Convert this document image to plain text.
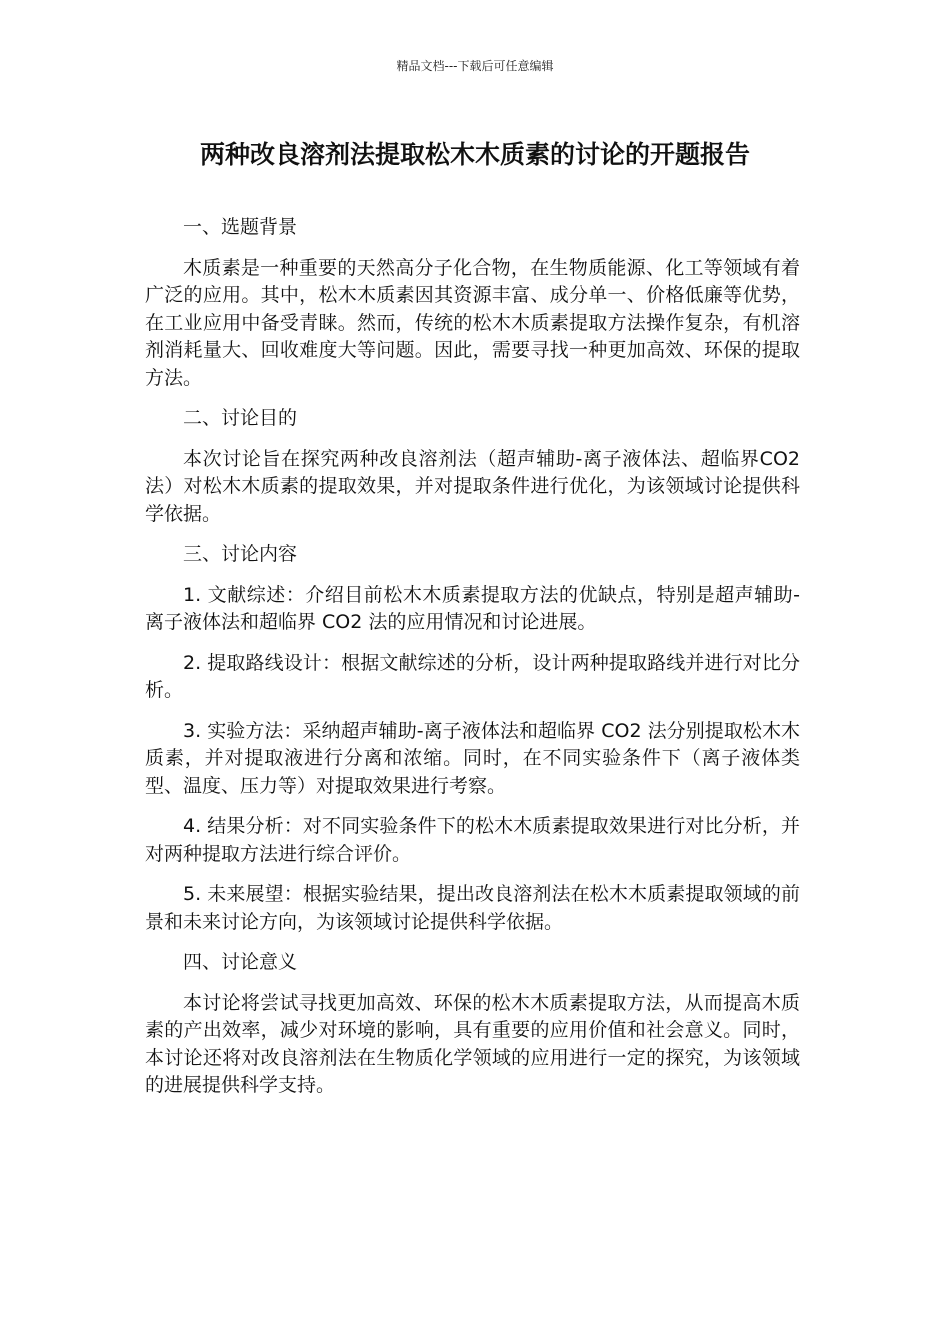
精品文档---下载后可任意编辑
两种改良溶剂法提取松木木质素的讨论的开题报告

一、选题背景

木质素是一种重要的天然高分子化合物，在生物质能源、化工等领域有着广泛的应用。其中，松木木质素因其资源丰富、成分单一、价格低廉等优势，在工业应用中备受青睐。然而，传统的松木木质素提取方法操作复杂，有机溶剂消耗量大、回收难度大等问题。因此，需要寻找一种更加高效、环保的提取方法。

二、讨论目的

本次讨论旨在探究两种改良溶剂法（超声辅助-离子液体法、超临界CO2 法）对松木木质素的提取效果，并对提取条件进行优化，为该领域讨论提供科学依据。

三、讨论内容

1. 文献综述：介绍目前松木木质素提取方法的优缺点，特别是超声辅助-离子液体法和超临界 CO2 法的应用情况和讨论进展。

2. 提取路线设计：根据文献综述的分析，设计两种提取路线并进行对比分析。

3. 实验方法：采纳超声辅助-离子液体法和超临界 CO2 法分别提取松木木质素，并对提取液进行分离和浓缩。同时，在不同实验条件下（离子液体类型、温度、压力等）对提取效果进行考察。

4. 结果分析：对不同实验条件下的松木木质素提取效果进行对比分析，并对两种提取方法进行综合评价。

5. 未来展望：根据实验结果，提出改良溶剂法在松木木质素提取领域的前景和未来讨论方向，为该领域讨论提供科学依据。

四、讨论意义

本讨论将尝试寻找更加高效、环保的松木木质素提取方法，从而提高木质素的产出效率，减少对环境的影响，具有重要的应用价值和社会意义。同时，本讨论还将对改良溶剂法在生物质化学领域的应用进行一定的探究，为该领域的进展提供科学支持。
